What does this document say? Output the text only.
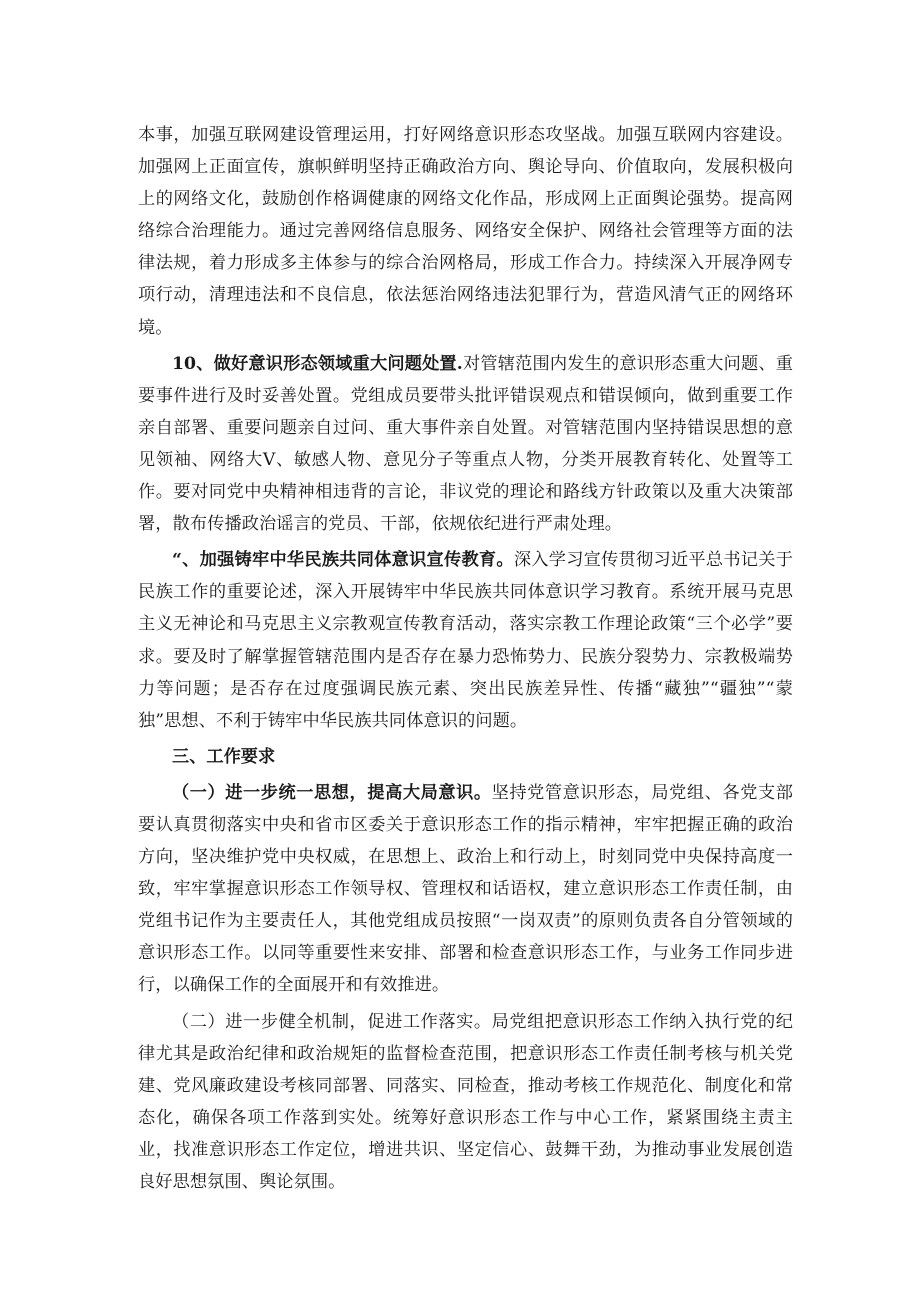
本事，加强互联网建设管理运用，打好网络意识形态攻坚战。加强互联网内容建设。加强网上正面宣传，旗帜鲜明坚持正确政治方向、舆论导向、价值取向，发展积极向上的网络文化，鼓励创作格调健康的网络文化作品，形成网上正面舆论强势。提高网络综合治理能力。通过完善网络信息服务、网络安全保护、网络社会管理等方面的法律法规，着力形成多主体参与的综合治网格局，形成工作合力。持续深入开展净网专项行动，清理违法和不良信息，依法惩治网络违法犯罪行为，营造风清气正的网络环境。

10、做好意识形态领域重大问题处置.对管辖范围内发生的意识形态重大问题、重要事件进行及时妥善处置。党组成员要带头批评错误观点和错误倾向，做到重要工作亲自部署、重要问题亲自过问、重大事件亲自处置。对管辖范围内坚持错误思想的意见领袖、网络大V、敏感人物、意见分子等重点人物，分类开展教育转化、处置等工作。要对同党中央精神相违背的言论，非议党的理论和路线方针政策以及重大决策部署，散布传播政治谣言的党员、干部，依规依纪进行严肃处理。

“、加强铸牢中华民族共同体意识宣传教育。深入学习宣传贯彻习近平总书记关于民族工作的重要论述，深入开展铸牢中华民族共同体意识学习教育。系统开展马克思主义无神论和马克思主义宗教观宣传教育活动，落实宗教工作理论政策“三个必学”要求。要及时了解掌握管辖范围内是否存在暴力恐怖势力、民族分裂势力、宗教极端势力等问题；是否存在过度强调民族元素、突出民族差异性、传播“藏独”“疆独”“蒙独”思想、不利于铸牢中华民族共同体意识的问题。

三、工作要求

（一）进一步统一思想，提高大局意识。坚持党管意识形态，局党组、各党支部要认真贯彻落实中央和省市区委关于意识形态工作的指示精神，牢牢把握正确的政治方向，坚决维护党中央权威，在思想上、政治上和行动上，时刻同党中央保持高度一致，牢牢掌握意识形态工作领导权、管理权和话语权，建立意识形态工作责任制，由党组书记作为主要责任人，其他党组成员按照“一岗双责”的原则负责各自分管领域的意识形态工作。以同等重要性来安排、部署和检查意识形态工作，与业务工作同步进行，以确保工作的全面展开和有效推进。

（二）进一步健全机制，促进工作落实。局党组把意识形态工作纳入执行党的纪律尤其是政治纪律和政治规矩的监督检查范围，把意识形态工作责任制考核与机关党建、党风廉政建设考核同部署、同落实、同检查，推动考核工作规范化、制度化和常态化，确保各项工作落到实处。统筹好意识形态工作与中心工作，紧紧围绕主责主业，找准意识形态工作定位，增进共识、坚定信心、鼓舞干劲，为推动事业发展创造良好思想氛围、舆论氛围。
